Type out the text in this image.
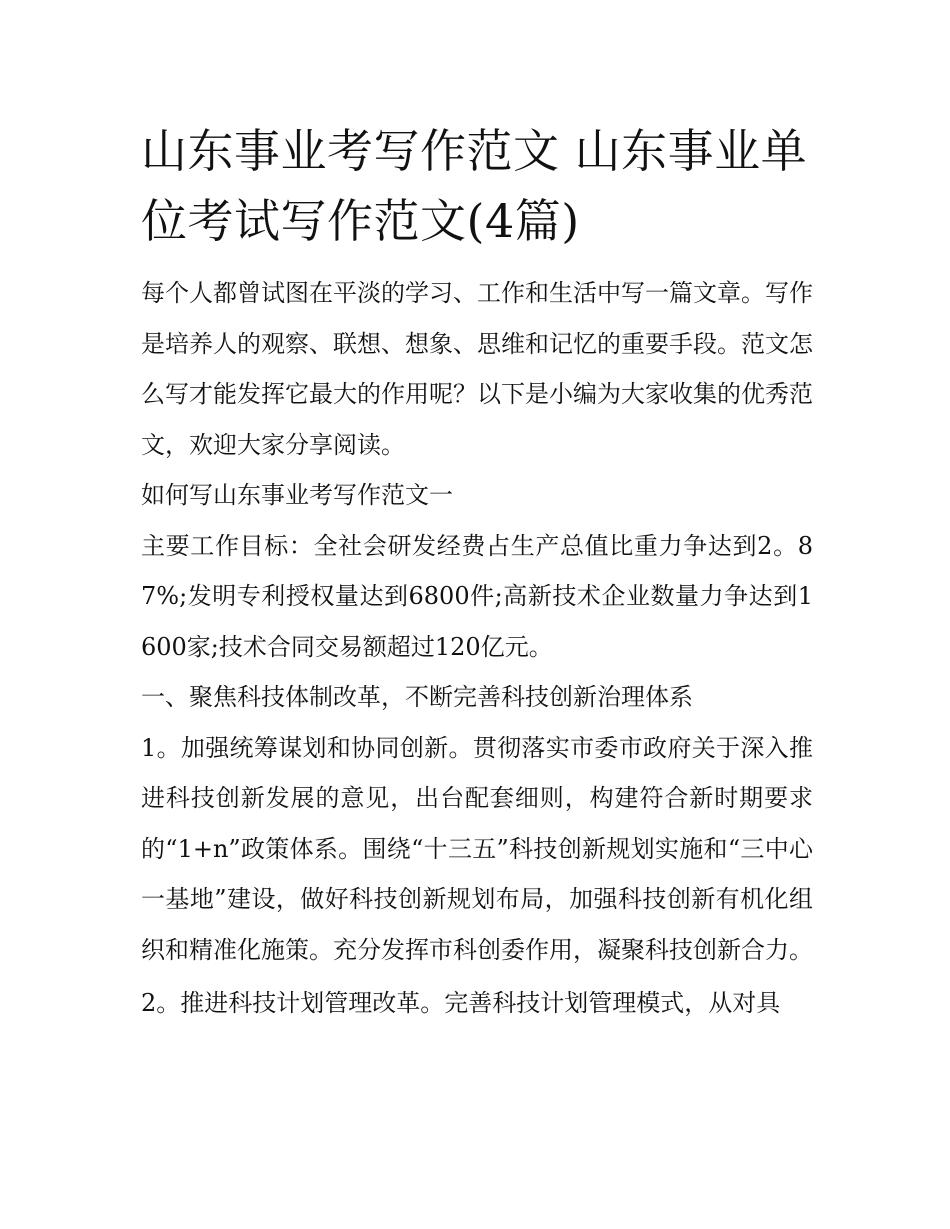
山东事业考写作范文 山东事业单位考试写作范文(4篇)

每个人都曾试图在平淡的学习、工作和生活中写一篇文章。写作是培养人的观察、联想、想象、思维和记忆的重要手段。范文怎么写才能发挥它最大的作用呢？以下是小编为大家收集的优秀范文，欢迎大家分享阅读。

如何写山东事业考写作范文一

主要工作目标：全社会研发经费占生产总值比重力争达到2。87%;发明专利授权量达到6800件;高新技术企业数量力争达到1600家;技术合同交易额超过120亿元。

一、聚焦科技体制改革，不断完善科技创新治理体系

1。加强统筹谋划和协同创新。贯彻落实市委市政府关于深入推进科技创新发展的意见，出台配套细则，构建符合新时期要求的“1+n”政策体系。围绕“十三五”科技创新规划实施和“三中心一基地”建设，做好科技创新规划布局，加强科技创新有机化组织和精准化施策。充分发挥市科创委作用，凝聚科技创新合力。

2。推进科技计划管理改革。完善科技计划管理模式，从对具
